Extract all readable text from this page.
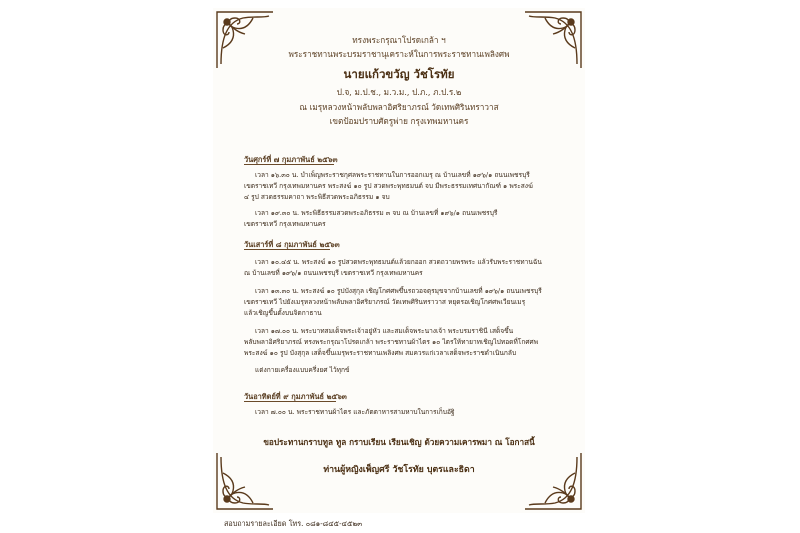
ทรงพระกรุณาโปรดเกล้า ฯ
พระราชทานพระบรมราชานุเคราะห์ในการพระราชทานเพลิงศพ
นายแก้วขวัญ วัชโรทัย
ป.จ, ม.ป.ช., ม.ว.ม., ป.ภ., ภ.ป.ร.๒
ณ เมรุหลวงหน้าพลับพลาอิศริยาภรณ์ วัดเทพศิรินทราวาส
เขตป้อมปราบศัตรูพ่าย กรุงเทพมหานคร
วันศุกร์ที่ ๗ กุมภาพันธ์ ๒๕๖๓
เวลา ๑๖.๓๐ น. บำเพ็ญพระราชกุศลพระราชทานในการออกเมรุ ณ บ้านเลขที่ ๑๙๖/๑ ถนนเพชรบุรี
เขตราชเทวี กรุงเทพมหานคร พระสงฆ์ ๑๐ รูป สวดพระพุทธมนต์ จบ มีพระธรรมเทศนากัณฑ์ ๑ พระสงฆ์
๔ รูป สวดธรรมคาถา พระพิธีสวดพระอภิธรรม ๑ จบ
เวลา ๑๙.๓๐ น. พระพิธีธรรมสวดพระอภิธรรม ๓ จบ ณ บ้านเลขที่ ๑๙๖/๑ ถนนเพชรบุรี
เขตราชเทวี กรุงเทพมหานคร
วันเสาร์ที่ ๘ กุมภาพันธ์ ๒๕๖๓
เวลา ๑๐.๔๕ น. พระสงฆ์ ๑๐ รูปสวดพระพุทธมนต์แล้วยกออก สวดถวายพรพระ แล้วรับพระราชทานฉัน
ณ บ้านเลขที่ ๑๙๖/๑ ถนนเพชรบุรี เขตราชเทวี กรุงเทพมหานคร
เวลา ๑๓.๓๐ น. พระสงฆ์ ๑๐ รูปบังสุกุล เชิญโกศศพขึ้นรถวอจตุรมุขจากบ้านเลขที่ ๑๙๖/๑ ถนนเพชรบุรี
เขตราชเทวี ไปยังเมรุหลวงหน้าพลับพลาอิศริยาภรณ์ วัดเทพศิรินทราวาส หยุดรอเชิญโกศศพเวียนเมรุ
แล้วเชิญขึ้นตั้งบนจิตกาธาน
เวลา ๑๗.๐๐ น. พระบาทสมเด็จพระเจ้าอยู่หัว และสมเด็จพระนางเจ้า พระบรมราชินี เสด็จขึ้น
พลับพลาอิศริยาภรณ์ ทรงพระกรุณาโปรดเกล้า พระราชทานผ้าไตร ๑๐ ไตรให้ทายาทเชิญไปทอดที่โกศศพ
พระสงฆ์ ๑๐ รูป บังสุกุล เสด็จขึ้นเมรุพระราชทานเพลิงศพ สมควรแก่เวลาเสด็จพระราชดำเนินกลับ
แต่งกายเครื่องแบบครึ่งยศ ไว้ทุกข์
วันอาทิตย์ที่ ๙ กุมภาพันธ์ ๒๕๖๓
เวลา ๗.๐๐ น. พระราชทานผ้าไตร และภัตตาหารสามหาบในการเก็บอัฐิ
ขอประทานกราบทูล ทูล กราบเรียน เรียนเชิญ ด้วยความเคารพมา ณ โอกาสนี้
ท่านผู้หญิงเพ็ญศรี วัชโรทัย บุตรและธิดา
สอบถามรายละเอียด โทร. ๐๘๑-๘๔๕-๔๕๒๓
